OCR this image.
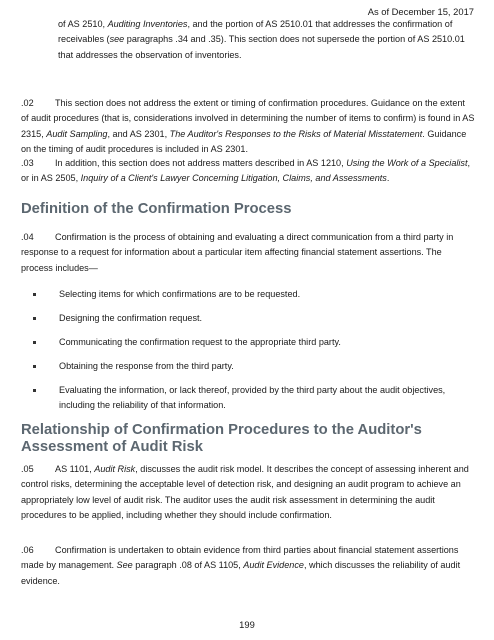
As of December 15, 2017
of AS 2510, Auditing Inventories, and the portion of AS 2510.01 that addresses the confirmation of receivables (see paragraphs .34 and .35). This section does not supersede the portion of AS 2510.01 that addresses the observation of inventories.
.02 This section does not address the extent or timing of confirmation procedures. Guidance on the extent of audit procedures (that is, considerations involved in determining the number of items to confirm) is found in AS 2315, Audit Sampling, and AS 2301, The Auditor's Responses to the Risks of Material Misstatement. Guidance on the timing of audit procedures is included in AS 2301.
.03 In addition, this section does not address matters described in AS 1210, Using the Work of a Specialist, or in AS 2505, Inquiry of a Client's Lawyer Concerning Litigation, Claims, and Assessments.
Definition of the Confirmation Process
.04 Confirmation is the process of obtaining and evaluating a direct communication from a third party in response to a request for information about a particular item affecting financial statement assertions. The process includes—
Selecting items for which confirmations are to be requested.
Designing the confirmation request.
Communicating the confirmation request to the appropriate third party.
Obtaining the response from the third party.
Evaluating the information, or lack thereof, provided by the third party about the audit objectives, including the reliability of that information.
Relationship of Confirmation Procedures to the Auditor's Assessment of Audit Risk
.05 AS 1101, Audit Risk, discusses the audit risk model. It describes the concept of assessing inherent and control risks, determining the acceptable level of detection risk, and designing an audit program to achieve an appropriately low level of audit risk. The auditor uses the audit risk assessment in determining the audit procedures to be applied, including whether they should include confirmation.
.06 Confirmation is undertaken to obtain evidence from third parties about financial statement assertions made by management. See paragraph .08 of AS 1105, Audit Evidence, which discusses the reliability of audit evidence.
199
